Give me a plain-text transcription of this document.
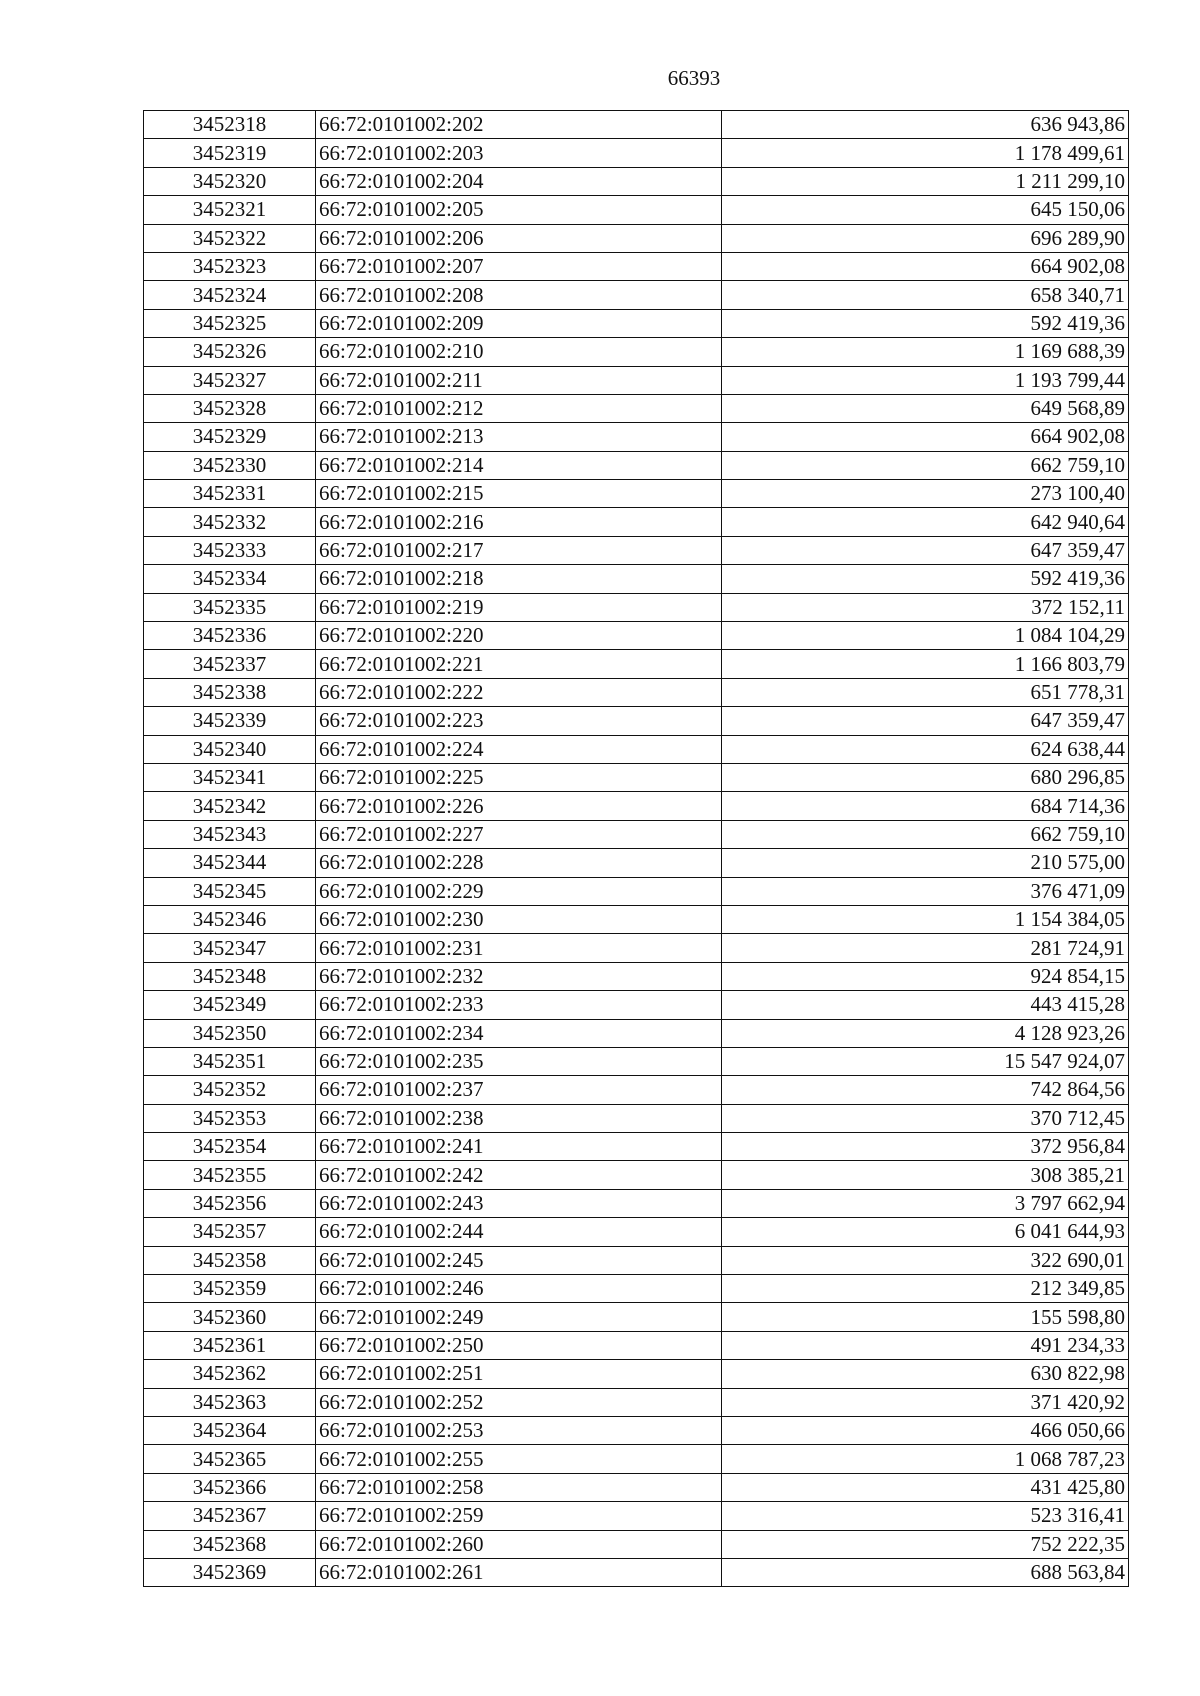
66393
3452318	66:72:0101002:202	636 943,86
3452319	66:72:0101002:203	1 178 499,61
3452320	66:72:0101002:204	1 211 299,10
3452321	66:72:0101002:205	645 150,06
3452322	66:72:0101002:206	696 289,90
3452323	66:72:0101002:207	664 902,08
3452324	66:72:0101002:208	658 340,71
3452325	66:72:0101002:209	592 419,36
3452326	66:72:0101002:210	1 169 688,39
3452327	66:72:0101002:211	1 193 799,44
3452328	66:72:0101002:212	649 568,89
3452329	66:72:0101002:213	664 902,08
3452330	66:72:0101002:214	662 759,10
3452331	66:72:0101002:215	273 100,40
3452332	66:72:0101002:216	642 940,64
3452333	66:72:0101002:217	647 359,47
3452334	66:72:0101002:218	592 419,36
3452335	66:72:0101002:219	372 152,11
3452336	66:72:0101002:220	1 084 104,29
3452337	66:72:0101002:221	1 166 803,79
3452338	66:72:0101002:222	651 778,31
3452339	66:72:0101002:223	647 359,47
3452340	66:72:0101002:224	624 638,44
3452341	66:72:0101002:225	680 296,85
3452342	66:72:0101002:226	684 714,36
3452343	66:72:0101002:227	662 759,10
3452344	66:72:0101002:228	210 575,00
3452345	66:72:0101002:229	376 471,09
3452346	66:72:0101002:230	1 154 384,05
3452347	66:72:0101002:231	281 724,91
3452348	66:72:0101002:232	924 854,15
3452349	66:72:0101002:233	443 415,28
3452350	66:72:0101002:234	4 128 923,26
3452351	66:72:0101002:235	15 547 924,07
3452352	66:72:0101002:237	742 864,56
3452353	66:72:0101002:238	370 712,45
3452354	66:72:0101002:241	372 956,84
3452355	66:72:0101002:242	308 385,21
3452356	66:72:0101002:243	3 797 662,94
3452357	66:72:0101002:244	6 041 644,93
3452358	66:72:0101002:245	322 690,01
3452359	66:72:0101002:246	212 349,85
3452360	66:72:0101002:249	155 598,80
3452361	66:72:0101002:250	491 234,33
3452362	66:72:0101002:251	630 822,98
3452363	66:72:0101002:252	371 420,92
3452364	66:72:0101002:253	466 050,66
3452365	66:72:0101002:255	1 068 787,23
3452366	66:72:0101002:258	431 425,80
3452367	66:72:0101002:259	523 316,41
3452368	66:72:0101002:260	752 222,35
3452369	66:72:0101002:261	688 563,84
